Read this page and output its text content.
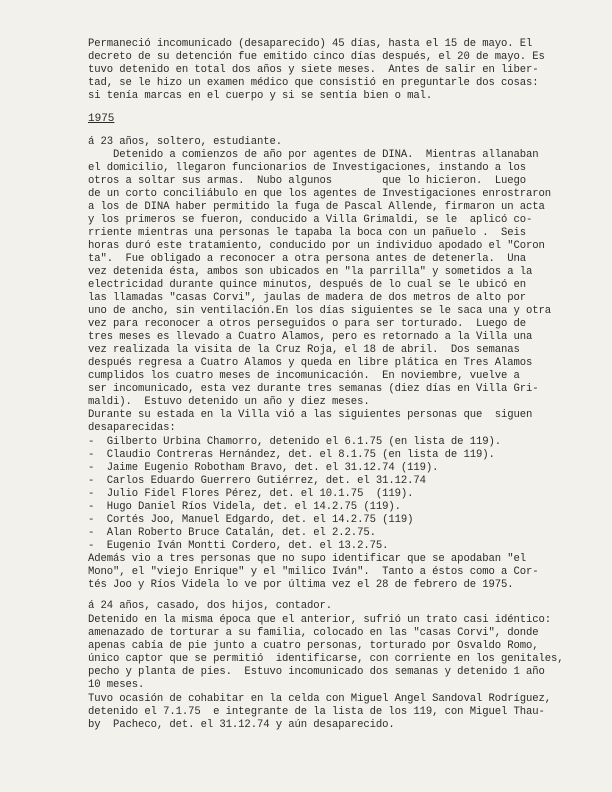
Permaneció incomunicado (desaparecido) 45 días, hasta el 15 de mayo. El
decreto de su detención fue emitido cinco días después, el 20 de mayo. Es
tuvo detenido en total dos años y siete meses.  Antes de salir en liber-
tad, se le hizo un examen médico que consistió en preguntarle dos cosas:
si tenía marcas en el cuerpo y si se sentía bien o mal.
1975
á 23 años, soltero, estudiante.
Detenido a comienzos de año por agentes de DINA.  Mientras allanaban
el domicilio, llegaron funcionarios de Investigaciones, instando a los
otros a soltar sus armas.  Nubo algunos        que lo hicieron.  Luego
de un corto conciliábulo en que los agentes de Investigaciones enrostraron
a los de DINA haber permitido la fuga de Pascal Allende, firmaron un acta
y los primeros se fueron, conducido a Villa Grimaldi, se le  aplicó co-
rriente mientras una personas le tapaba la boca con un pañuelo .  Seis
horas duró este tratamiento, conducido por un individuo apodado el "Coron
ta".  Fue obligado a reconocer a otra persona antes de detenerla.  Una
vez detenida ésta, ambos son ubicados en "la parrilla" y sometidos a la
electricidad durante quince minutos, después de lo cual se le ubicó en
las llamadas "casas Corvi", jaulas de madera de dos metros de alto por
uno de ancho, sin ventilación.En los días siguientes se le saca una y otra
vez para reconocer a otros perseguidos o para ser torturado.  Luego de
tres meses es llevado a Cuatro Alamos, pero es retornado a la Villa una
vez realizada la visita de la Cruz Roja, el 18 de abril.  Dos semanas
después regresa a Cuatro Alamos y queda en libre plática en Tres Alamos
cumplidos los cuatro meses de incomunicación.  En noviembre, vuelve a
ser incomunicado, esta vez durante tres semanas (diez días en Villa Gri-
maldi).  Estuvo detenido un año y diez meses.
Durante su estada en la Villa vió a las siguientes personas que  siguen
desaparecidas:
-  Gilberto Urbina Chamorro, detenido el 6.1.75 (en lista de 119).
-  Claudio Contreras Hernández, det. el 8.1.75 (en lista de 119).
-  Jaime Eugenio Robotham Bravo, det. el 31.12.74 (119).
-  Carlos Eduardo Guerrero Gutiérrez, det. el 31.12.74
-  Julio Fidel Flores Pérez, det. el 10.1.75  (119).
-  Hugo Daniel Ríos Videla, det. el 14.2.75 (119).
-  Cortés Joo, Manuel Edgardo, det. el 14.2.75 (119)
-  Alan Roberto Bruce Catalán, det. el 2.2.75.
-  Eugenio Iván Montti Cordero, det. el 13.2.75.
Además vio a tres personas que no supo identificar que se apodaban "el
Mono", el "viejo Enrique" y el "milico Iván".  Tanto a éstos como a Cor-
tés Joo y Ríos Videla lo ve por última vez el 28 de febrero de 1975.
á 24 años, casado, dos hijos, contador.
Detenido en la misma época que el anterior, sufrió un trato casi idéntico:
amenazado de torturar a su familia, colocado en las "casas Corvi", donde
apenas cabía de pie junto a cuatro personas, torturado por Osvaldo Romo,
único captor que se permitió  identificarse, con corriente en los genitales,
pecho y planta de pies.  Estuvo incomunicado dos semanas y detenido 1 año
10 meses.
Tuvo ocasión de cohabitar en la celda con Miguel Angel Sandoval Rodríguez,
detenido el 7.1.75  e integrante de la lista de los 119, con Miguel Thau-
by  Pacheco, det. el 31.12.74 y aún desaparecido.
